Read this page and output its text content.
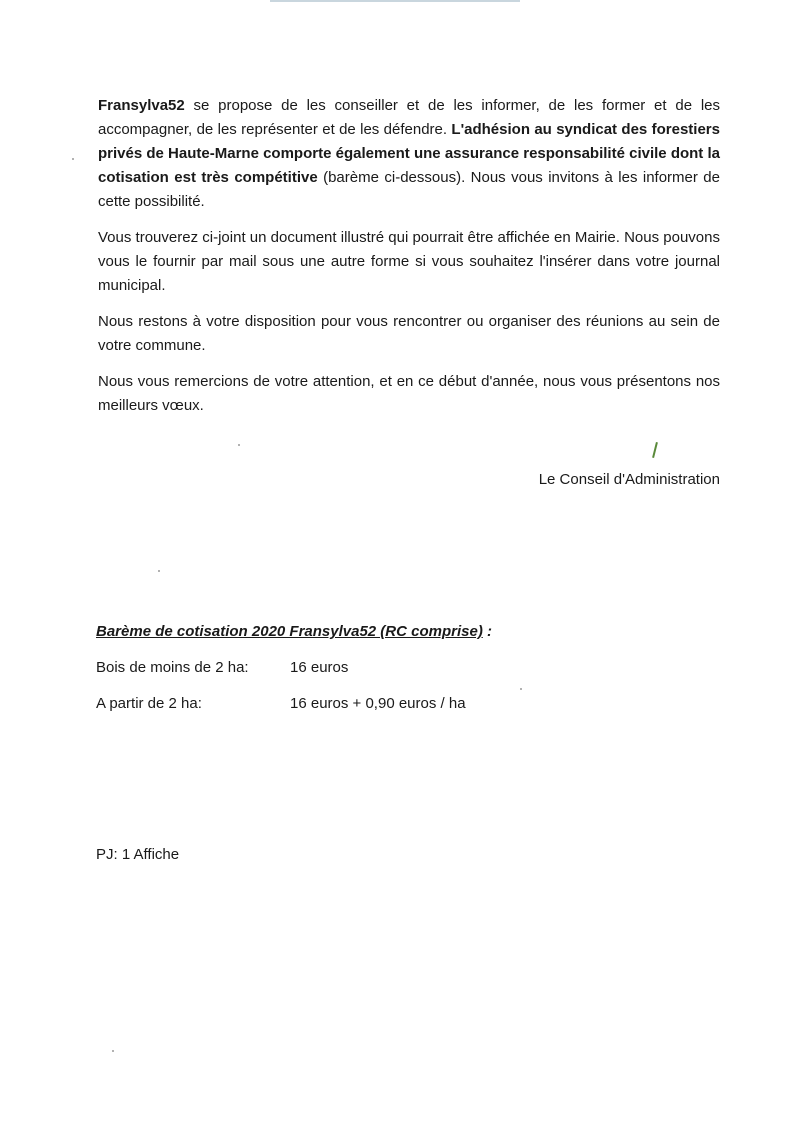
Fransylva52 se propose de les conseiller et de les informer, de les former et de les accompagner, de les représenter et de les défendre. L'adhésion au syndicat des forestiers privés de Haute-Marne comporte également une assurance responsabilité civile dont la cotisation est très compétitive (barème ci-dessous). Nous vous invitons à les informer de cette possibilité.

Vous trouverez ci-joint un document illustré qui pourrait être affichée en Mairie. Nous pouvons vous le fournir par mail sous une autre forme si vous souhaitez l'insérer dans votre journal municipal.

Nous restons à votre disposition pour vous rencontrer ou organiser des réunions au sein de votre commune.

Nous vous remercions de votre attention, et en ce début d'année, nous vous présentons nos meilleurs vœux.

Le Conseil d'Administration
Barème de cotisation 2020 Fransylva52 (RC comprise) :
Bois de moins de 2 ha:	16 euros
A partir de 2 ha:	16 euros + 0,90 euros / ha
PJ: 1 Affiche
